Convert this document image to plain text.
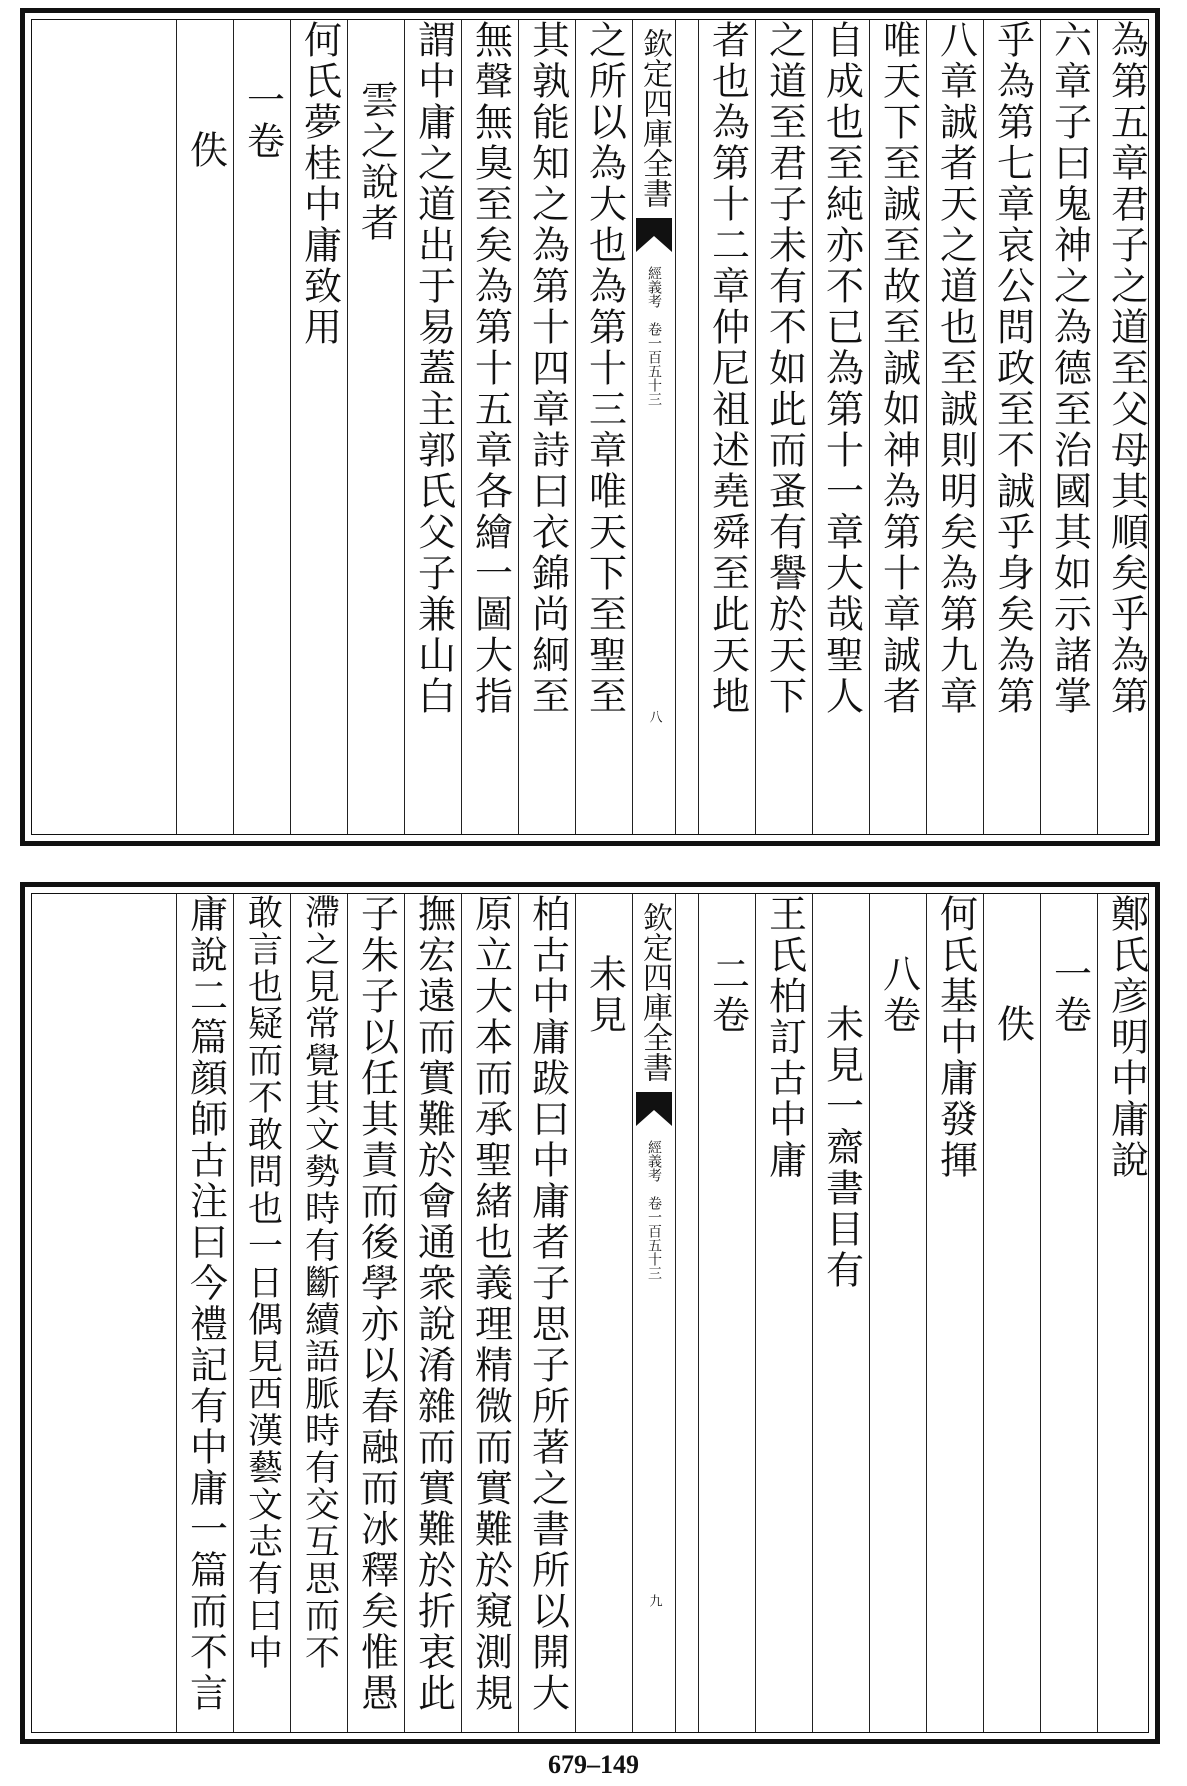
為第五章君子之道至父母其順矣乎為第
六章子曰鬼神之為德至治國其如示諸掌
乎為第七章哀公問政至不誠乎身矣為第
八章誠者天之道也至誠則明矣為第九章
唯天下至誠至故至誠如神為第十章誠者
自成也至純亦不已為第十一章大哉聖人
之道至君子未有不如此而蚤有譽於天下
者也為第十二章仲尼祖述堯舜至此天地
欽定四庫全書
經義考
卷一百五十三
八
之所以為大也為第十三章唯天下至聖至
其孰能知之為第十四章詩曰衣錦尚絅至
無聲無臭至矣為第十五章各繪一圖大指
謂中庸之道出于易蓋主郭氏父子兼山白
雲之說者
何氏夢桂中庸致用
一卷
佚
鄭氏彦明中庸說
一卷
佚
何氏基中庸發揮
八卷
未見一齋書目有
王氏柏訂古中庸
二卷
欽定四庫全書
經義考
卷一百五十三
九
未見
柏古中庸跋曰中庸者子思子所著之書所以開大
原立大本而承聖緒也義理精微而實難於窺測規
撫宏遠而實難於會通衆說淆雜而實難於折衷此
子朱子以任其責而後學亦以春融而冰釋矣惟愚
滯之見常覺其文勢時有斷續語脈時有交互思而不
敢言也疑而不敢問也一日偶見西漢藝文志有曰中
庸說二篇顔師古注曰今禮記有中庸一篇而不言
679–149
